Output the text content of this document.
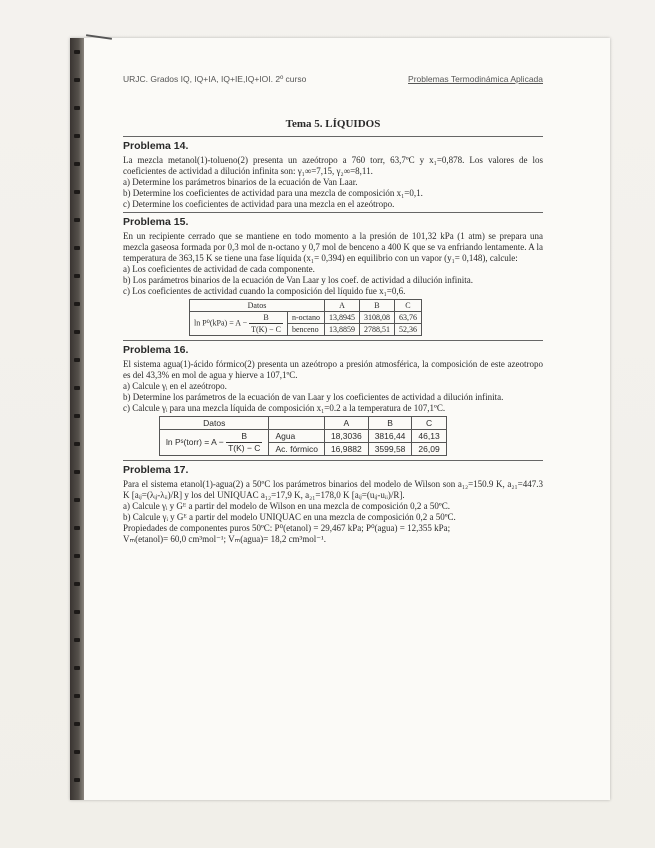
URJC. Grados IQ, IQ+IA, IQ+IE,IQ+IOI. 2º curso	Problemas Termodinámica Aplicada
Tema 5. LÍQUIDOS
Problema 14.

La mezcla metanol(1)-tolueno(2) presenta un azeótropo a 760 torr, 63,7ºC y x₁=0,878. Los valores de los coeficientes de actividad a dilución infinita son: γ₁∞=7,15, γ₂∞=8,11.

a) Determine los parámetros binarios de la ecuación de Van Laar.

b) Determine los coeficientes de actividad para una mezcla de composición x₁=0,1.

c) Determine los coeficientes de actividad para una mezcla en el azeótropo.

Problema 15.

En un recipiente cerrado que se mantiene en todo momento a la presión de 101,32 kPa (1 atm) se prepara una mezcla gaseosa formada por 0,3 mol de n-octano y 0,7 mol de benceno a 400 K que se va enfriando lentamente. A la temperatura de 363,15 K se tiene una fase líquida (x₁= 0,394) en equilibrio con un vapor (y₁= 0,148), calcule:

a) Los coeficientes de actividad de cada componente.

b) Los parámetros binarios de la ecuación de Van Laar y los coef. de actividad a dilución infinita.

c) Los coeficientes de actividad cuando la composición del líquido fue x₁=0,6.

Datos		A	B	C
$\ln P^0(kPa) = A - \frac{B}{T(K) - C}$	n-octano	13,8945	3108,08	63,76
	benceno	13,8859	2788,51	52,36
Problema 16.

El sistema agua(1)-ácido fórmico(2) presenta un azeótropo a presión atmosférica, la composición de este azeotropo es del 43,3% en mol de agua y hierve a 107,1ºC.

a) Calcule γᵢ en el azeótropo.

b) Determine los parámetros de la ecuación de van Laar y los coeficientes de actividad a dilución infinita.

c) Calcule γᵢ para una mezcla líquida de composición x₁=0.2 a la temperatura de 107,1ºC.

Datos		A	B	C
ln Pˢ(torr) = $A - \frac{B}{T(K) - C}$	Agua	18,3036	3816,44	46,13
	Ac. fórmico	16,9882	3599,58	26,09
Problema 17.

Para el sistema etanol(1)-agua(2) a 50ºC los parámetros binarios del modelo de Wilson son a₁₂=150.9 K, a₂₁=447.3 K [aᵢⱼ=(λᵢⱼ-λᵢᵢ)/R] y los del UNIQUAC a₁₂=17,9 K, a₂₁=178,0 K [aᵢⱼ=(uᵢⱼ-uᵢᵢ)/R].

a) Calcule γᵢ y Gᴱ a partir del modelo de Wilson en una mezcla de composición 0,2 a 50ºC.

b) Calcule γᵢ y Gᴱ a partir del modelo UNIQUAC en una mezcla de composición 0,2 a 50ºC.

Propiedades de componentes puros 50ºC: P⁰(etanol) = 29,467 kPa; P⁰(agua) = 12,355 kPa;

Vₘ(etanol)= 60,0 cm³mol⁻¹; Vₘ(agua)= 18,2 cm³mol⁻¹.
